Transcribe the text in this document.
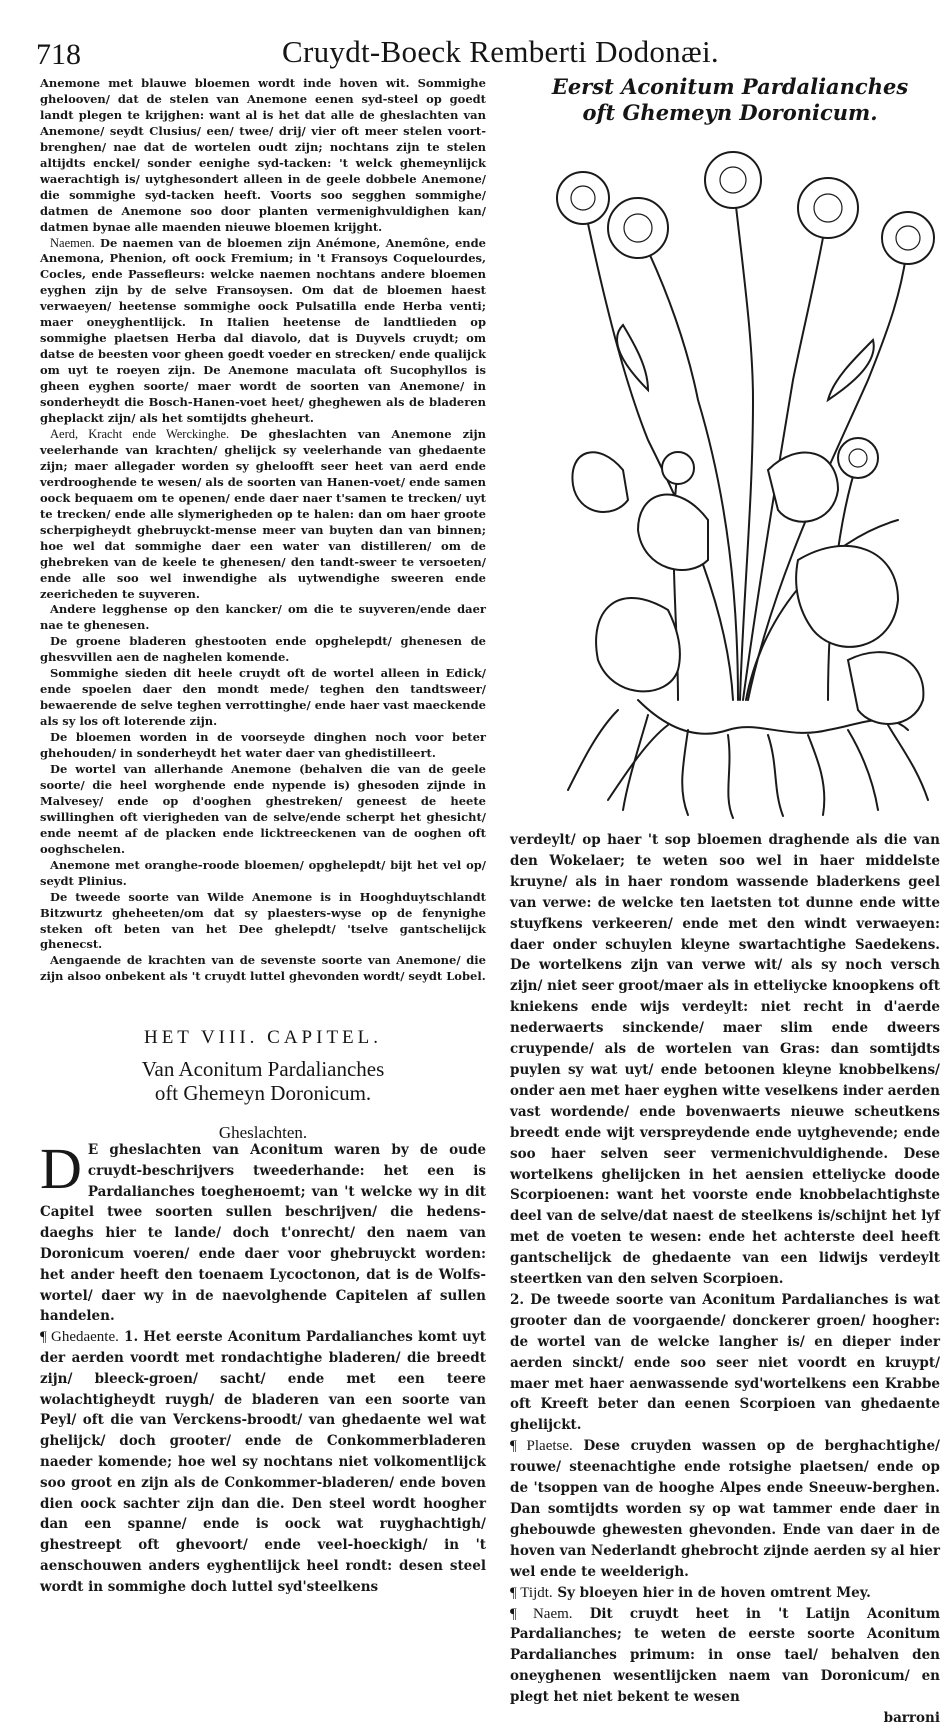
718	Cruydt-Boeck Remberti Dodonæi.

Anemone met blauwe bloemen wordt inde hoven wit. Sommighe ghelooven/ dat de stelen van Anemone eenen syd-steel op goedt landt plegen te krijghen: want al is het dat alle de gheslachten van Anemone/ seydt Clusius/ een/ twee/ drij/ vier oft meer stelen voort-brenghen/ nae dat de wortelen oudt zijn; nochtans zijn te stelen altijdts enckel/ sonder eenighe syd-tacken: 't welck ghemeynlijck waerachtigh is/ uytghesondert alleen in de geele dobbele Anemone/ die sommighe syd-tacken heeft. Voorts soo segghen sommighe/ datmen de Anemone soo door planten vermenighvuldighen kan/ datmen bynae alle maenden nieuwe bloemen krijght.

Naemen. De naemen van de bloemen zijn Anémone, Anemône, ende Anemona, Phenion, oft oock Fremium; in 't Fransoys Coquelourdes, Cocles, ende Passefleurs: welcke naemen nochtans andere bloemen eyghen zijn by de selve Fransoysen. Om dat de bloemen haest verwaeyen/ heetense sommighe oock Pulsatilla ende Herba venti; maer oneyghentlijck. In Italien heetense de landtlieden op sommighe plaetsen Herba dal diavolo, dat is Duyvels cruydt; om datse de beesten voor gheen goedt voeder en strecken/ ende qualijck om uyt te roeyen zijn. De Anemone maculata oft Sucophyllos is gheen eyghen soorte/ maer wordt de soorten van Anemone/ in sonderheydt die Bosch-Hanen-voet heet/ gheghewen als de bladeren gheplackt zijn/ als het somtijdts gheheurt.

Aerd, Kracht ende Werckinghe. De gheslachten van Anemone zijn veelerhande van krachten/ ghelijck sy veelerhande van ghedaente zijn; maer allegader worden sy gheloofft seer heet van aerd ende verdrooghende te wesen/ als de soorten van Hanen-voet/ ende samen oock bequaem om te openen/ ende daer naer t'samen te trecken/ uyt te trecken/ ende alle slymerigheden op te halen: dan om haer groote scherpigheydt ghebruyckt-mense meer van buyten dan van binnen; hoe wel dat sommighe daer een water van distilleren/ om de ghebreken van de keele te ghenesen/ den tandt-sweer te versoeten/ ende alle soo wel inwendighe als uytwendighe sweeren ende zeericheden te suyveren.

Andere legghense op den kancker/ om die te suyveren/ende daer nae te ghenesen.

De groene bladeren ghestooten ende opghelepdt/ ghenesen de ghesvvillen aen de naghelen komende.

Sommighe sieden dit heele cruydt oft de wortel alleen in Edick/ ende spoelen daer den mondt mede/ teghen den tandtsweer/ bewaerende de selve teghen verrottinghe/ ende haer vast maeckende als sy los oft loterende zijn.

De bloemen worden in de voorseyde dinghen noch voor beter ghehouden/ in sonderheydt het water daer van ghedistilleert.

De wortel van allerhande Anemone (behalven die van de geele soorte/ die heel worghende ende nypende is) ghesoden zijnde in Malvesey/ ende op d'ooghen ghestreken/ geneest de heete swillinghen oft vierigheden van de selve/ende scherpt het ghesicht/ ende neemt af de placken ende licktreeckenen van de ooghen oft ooghschelen.

Anemone met oranghe-roode bloemen/ opghelepdt/ bijt het vel op/ seydt Plinius.

De tweede soorte van Wilde Anemone is in Hooghduytschlandt Bitzwurtz gheheeten/om dat sy plaesters-wyse op de fenynighe steken oft beten van het Dee ghelepdt/ 'tselve gantschelijck ghenecst.

Aengaende de krachten van de sevenste soorte van Anemone/ die zijn alsoo onbekent als 't cruydt luttel ghevonden wordt/ seydt Lobel.

HET VIII. CAPITEL.

Van Aconitum Pardalianches
oft Ghemeyn Doronicum.

Gheslachten.

D E gheslachten van Aconitum waren by de oude cruydt-beschrijvers tweederhande: het een is Pardalianches toegheноemt; van 't welcke wy in dit Capitel twee soorten sullen beschrijven/ die hedens-daeghs hier te lande/ doch t'onrecht/ den naem van Doronicum voeren/ ende daer voor ghebruyckt worden: het ander heeft den toenaem Lycoctonon, dat is de Wolfs-wortel/ daer wy in de naevolghende Capitelen af sullen handelen.

¶ Ghedaente. 1. Het eerste Aconitum Pardalianches komt uyt der aerden voordt met rondachtighe bladeren/ die breedt zijn/ bleeck-groen/ sacht/ ende met een teere wolachtigheydt ruygh/ de bladeren van een soorte van Peyl/ oft die van Verckens-broodt/ van ghedaente wel wat ghelijck/ doch grooter/ ende de Conkommerbladeren naeder komende; hoe wel sy nochtans niet volkomentlijck soo groot en zijn als de Conkommer-bladeren/ ende boven dien oock sachter zijn dan die. Den steel wordt hoogher dan een spanne/ ende is oock wat ruyghachtigh/ ghestreept oft ghevoort/ ende veel-hoeckigh/ in 't aenschouwen anders eyghentlijck heel rondt: desen steel wordt in sommighe doch luttel syd'steelkens

Eerst Aconitum Pardalianches
oft Ghemeyn Doronicum.

verdeylt/ op haer 't sop bloemen draghende als die van den Wokelaer; te weten soo wel in haer middelste kruyne/ als in haer rondom wassende bladerkens geel van verwe: de welcke ten laetsten tot dunne ende witte stuyfkens verkeeren/ ende met den windt verwaeyen: daer onder schuylen kleyne swartachtighe Saedekens. De wortelkens zijn van verwe wit/ als sy noch versch zijn/ niet seer groot/maer als in etteliycke knoopkens oft kniekens ende wijs verdeylt: niet recht in d'aerde nederwaerts sinckende/ maer slim ende dweers cruypende/ als de wortelen van Gras: dan somtijdts puylen sy wat uyt/ ende betoonen kleyne knobbelkens/ onder aen met haer eyghen witte veselkens inder aerden vast wordende/ ende bovenwaerts nieuwe scheutkens breedt ende wijt verspreydende ende uytghevende; ende soo haer selven seer vermenichvuldighende. Dese wortelkens ghelijcken in het aensien etteliycke doode Scorpioenen: want het voorste ende knobbelachtighste deel van de selve/dat naest de steelkens is/schijnt het lyf met de voeten te wesen: ende het achterste deel heeft gantschelijck de ghedaente van een lidwijs verdeylt steertken van den selven Scorpioen.

2. De tweede soorte van Aconitum Pardalianches is wat grooter dan de voorgaende/ donckerer groen/ hoogher: de wortel van de welcke langher is/ en dieper inder aerden sinckt/ ende soo seer niet voordt en kruypt/ maer met haer aenwassende syd'wortelkens een Krabbe oft Kreeft beter dan eenen Scorpioen van ghedaente ghelijckt.

¶ Plaetse. Dese cruyden wassen op de berghachtighe/ rouwe/ steenachtighe ende rotsighe plaetsen/ ende op de 'tsoppen van de hooghe Alpes ende Sneeuw-berghen. Dan somtijdts worden sy op wat tammer ende daer in ghebouwde ghewesten ghevonden. Ende van daer in de hoven van Nederlandt ghebrocht zijnde aerden sy al hier wel ende te weelderigh.

¶ Tijdt. Sy bloeyen hier in de hoven omtrent Mey.

¶ Naem. Dit cruydt heet in 't Latijn Aconitum Pardalianches; te weten de eerste soorte Aconitum Pardalianches primum: in onse tael/ behalven den oneyghenen wesentlijcken naem van Doronicum/ en plegt het niet bekent te wesen

barroni
